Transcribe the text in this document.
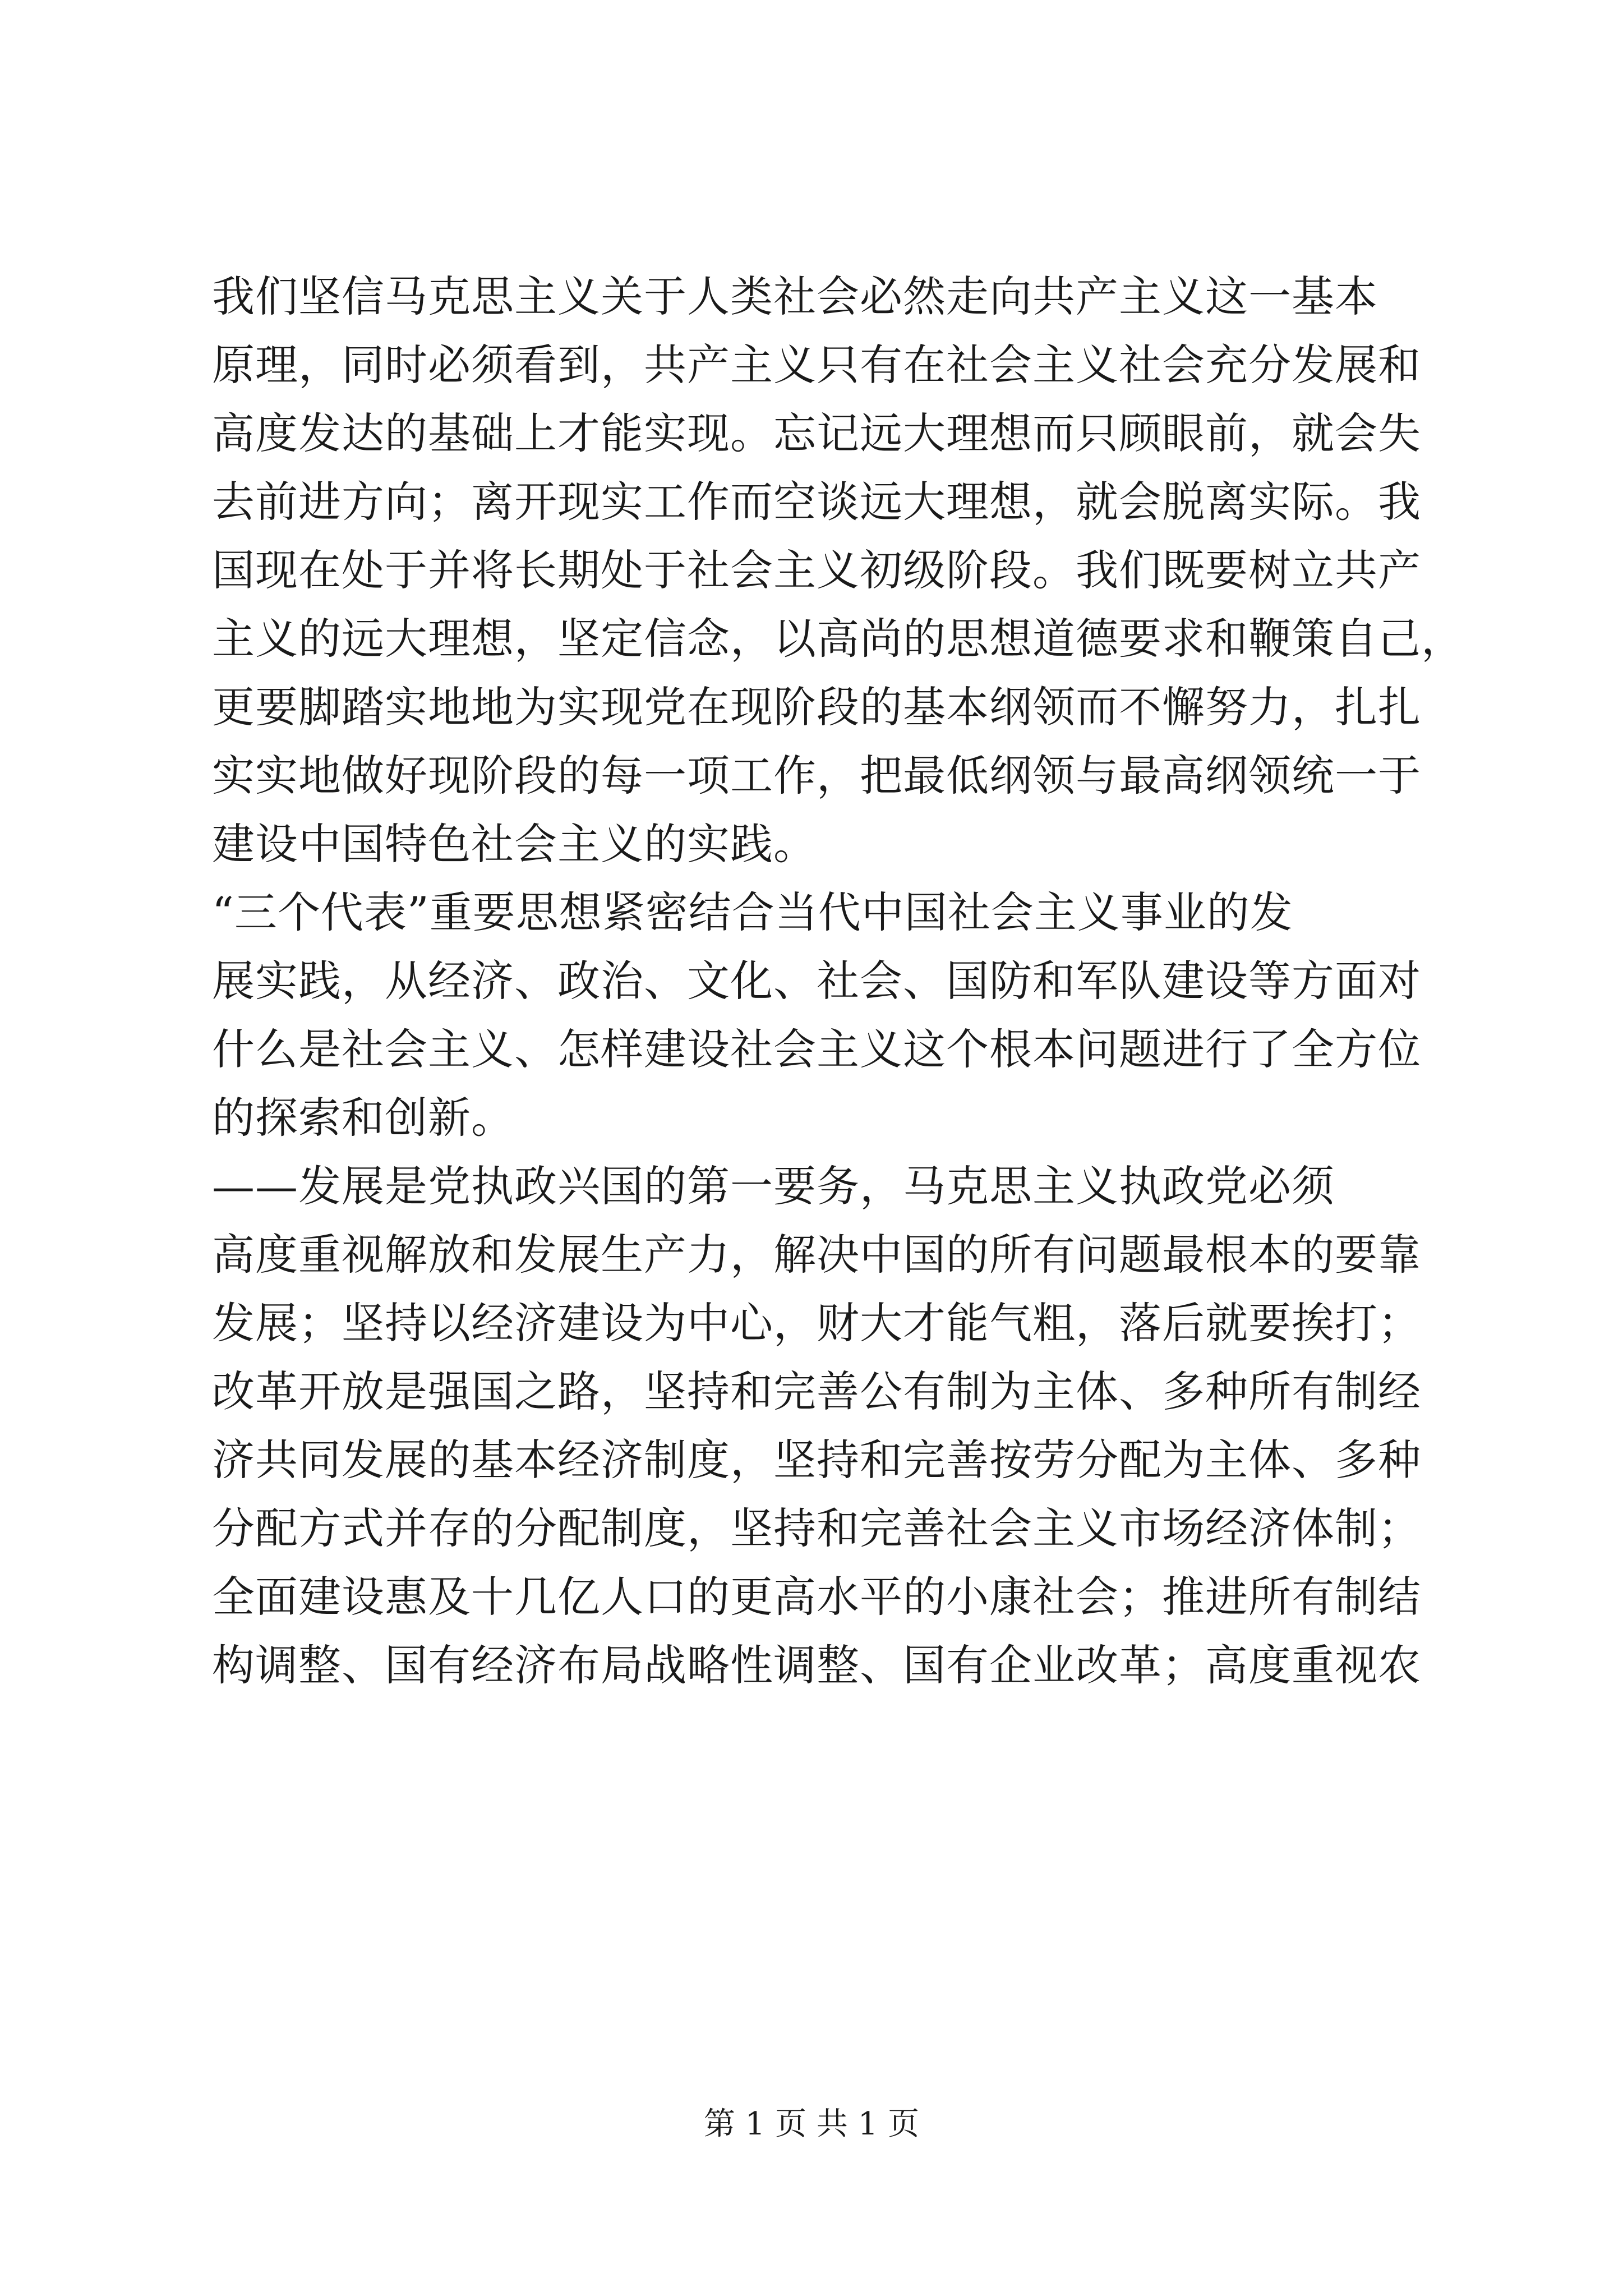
我们坚信马克思主义关于人类社会必然走向共产主义这一基本
原理，同时必须看到，共产主义只有在社会主义社会充分发展和
高度发达的基础上才能实现。忘记远大理想而只顾眼前，就会失
去前进方向；离开现实工作而空谈远大理想，就会脱离实际。我
国现在处于并将长期处于社会主义初级阶段。我们既要树立共产
主义的远大理想，坚定信念，以高尚的思想道德要求和鞭策自己，
更要脚踏实地地为实现党在现阶段的基本纲领而不懈努力，扎扎
实实地做好现阶段的每一项工作，把最低纲领与最高纲领统一于
建设中国特色社会主义的实践。
“三个代表”重要思想紧密结合当代中国社会主义事业的发
展实践，从经济、政治、文化、社会、国防和军队建设等方面对
什么是社会主义、怎样建设社会主义这个根本问题进行了全方位
的探索和创新。
——发展是党执政兴国的第一要务，马克思主义执政党必须
高度重视解放和发展生产力，解决中国的所有问题最根本的要靠
发展；坚持以经济建设为中心，财大才能气粗，落后就要挨打；
改革开放是强国之路，坚持和完善公有制为主体、多种所有制经
济共同发展的基本经济制度，坚持和完善按劳分配为主体、多种
分配方式并存的分配制度，坚持和完善社会主义市场经济体制；
全面建设惠及十几亿人口的更高水平的小康社会；推进所有制结
构调整、国有经济布局战略性调整、国有企业改革；高度重视农
第 1 页 共 1 页
